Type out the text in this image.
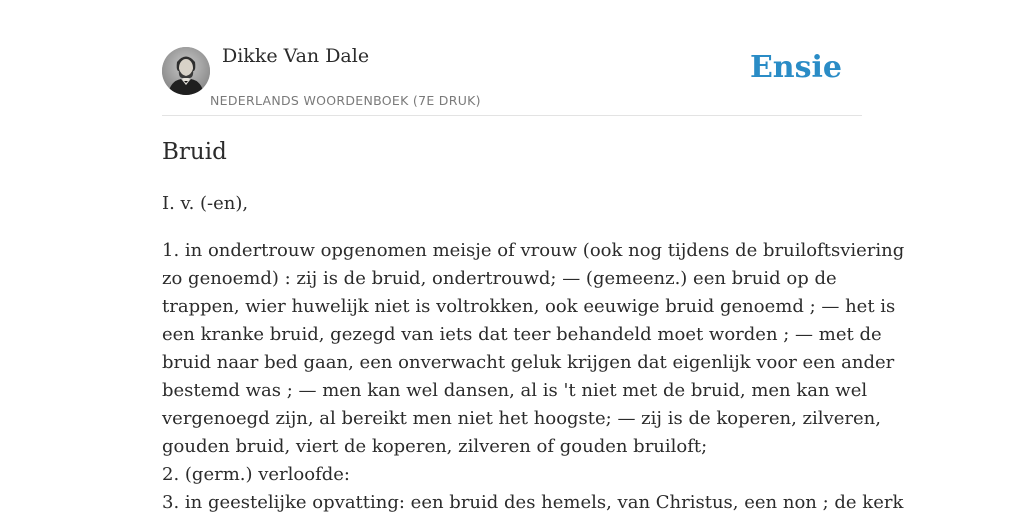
Dikke Van Dale
NEDERLANDS WOORDENBOEK (7E DRUK)
Ensie
Bruid

I. v. (-en),

1. in ondertrouw opgenomen meisje of vrouw (ook nog tijdens de bruiloftsviering

zo genoemd) : zij is de bruid, ondertrouwd; — (gemeenz.) een bruid op de

trappen, wier huwelijk niet is voltrokken, ook eeuwige bruid genoemd ; — het is

een kranke bruid, gezegd van iets dat teer behandeld moet worden ; — met de

bruid naar bed gaan, een onverwacht geluk krijgen dat eigenlijk voor een ander

bestemd was ; — men kan wel dansen, al is 't niet met de bruid, men kan wel

vergenoegd zijn, al bereikt men niet het hoogste; — zij is de koperen, zilveren,

gouden bruid, viert de koperen, zilveren of gouden bruiloft;

2. (germ.) verloofde:

3. in geestelijke opvatting: een bruid des hemels, van Christus, een non ; de kerk
